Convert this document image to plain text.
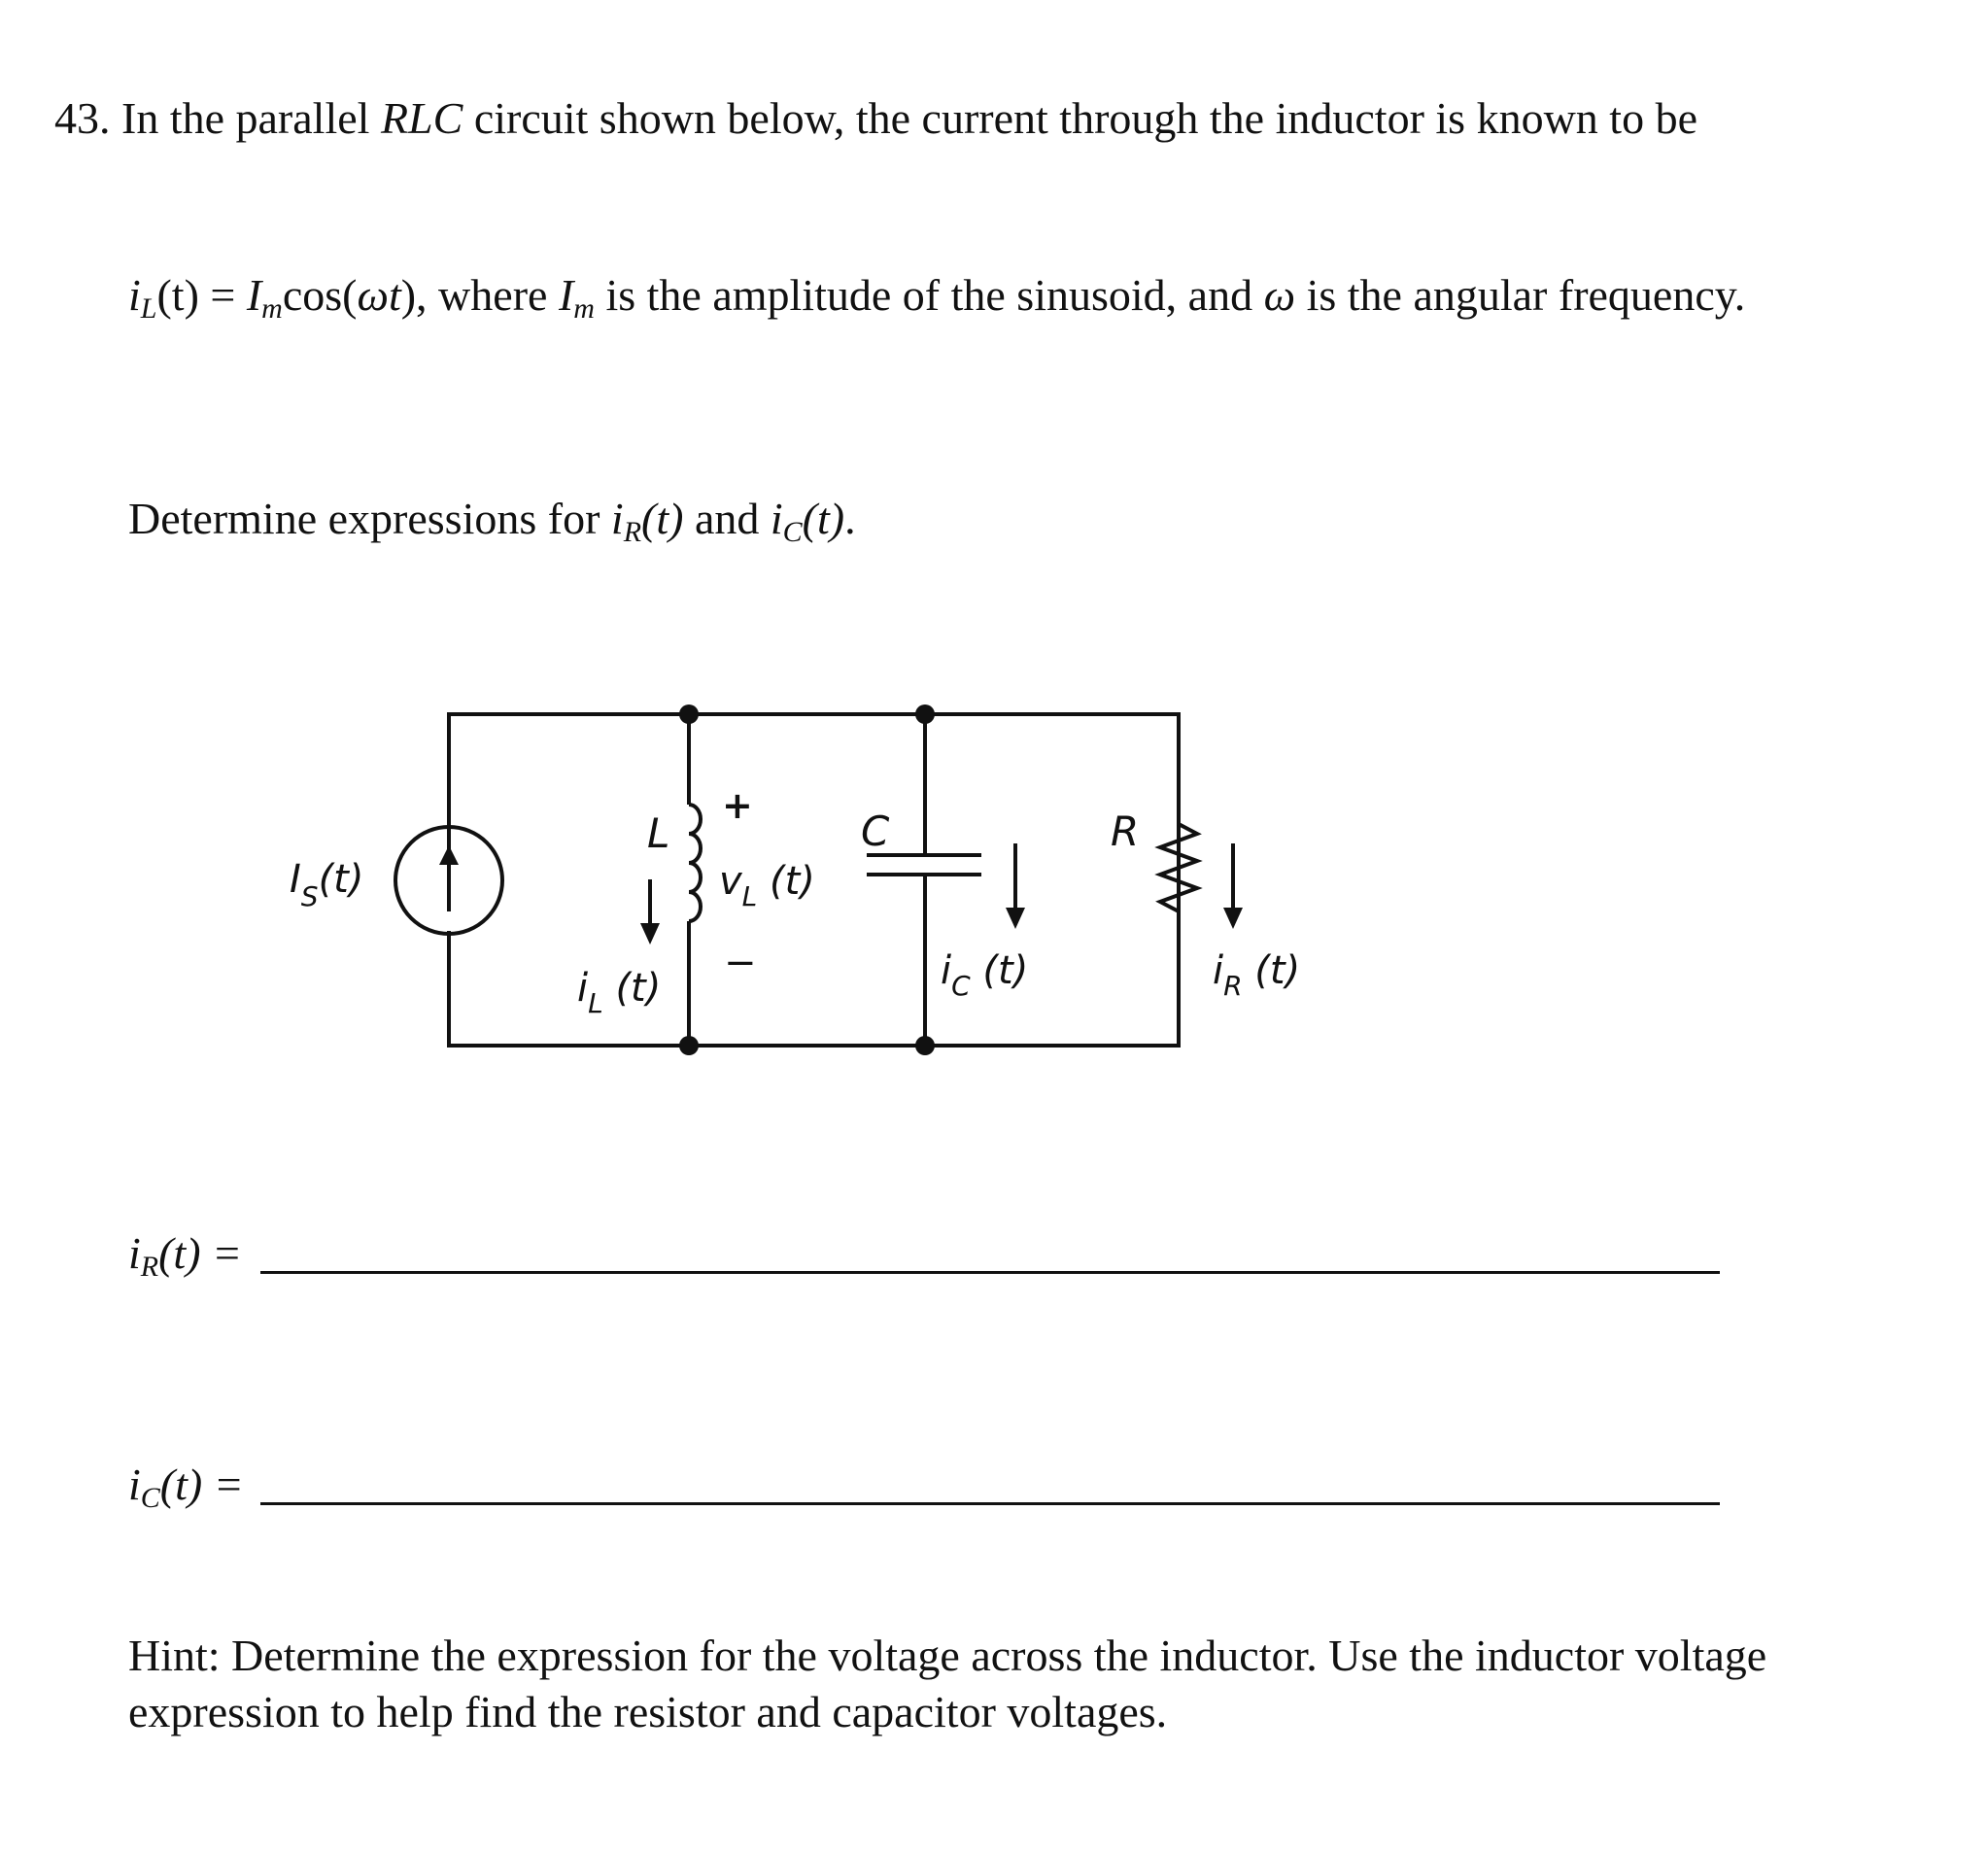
43. In the parallel RLC circuit shown below, the current through the inductor is known to be
$i_L(t) = I_m\cos(\omega t)$, where $I_m$ is the amplitude of the sinusoid, and ω is the angular frequency.
Determine expressions for $i_R(t)$ and $i_C(t)$.
$I_S(t)$
L
+
−
$v_L$ (t)
$i_L$ (t)
C
$i_C$ (t)
R
$i_R$ (t)
$i_R(t)$ =
$i_C(t)$ =
Hint: Determine the expression for the voltage across the inductor. Use the inductor voltage
expression to help find the resistor and capacitor voltages.
